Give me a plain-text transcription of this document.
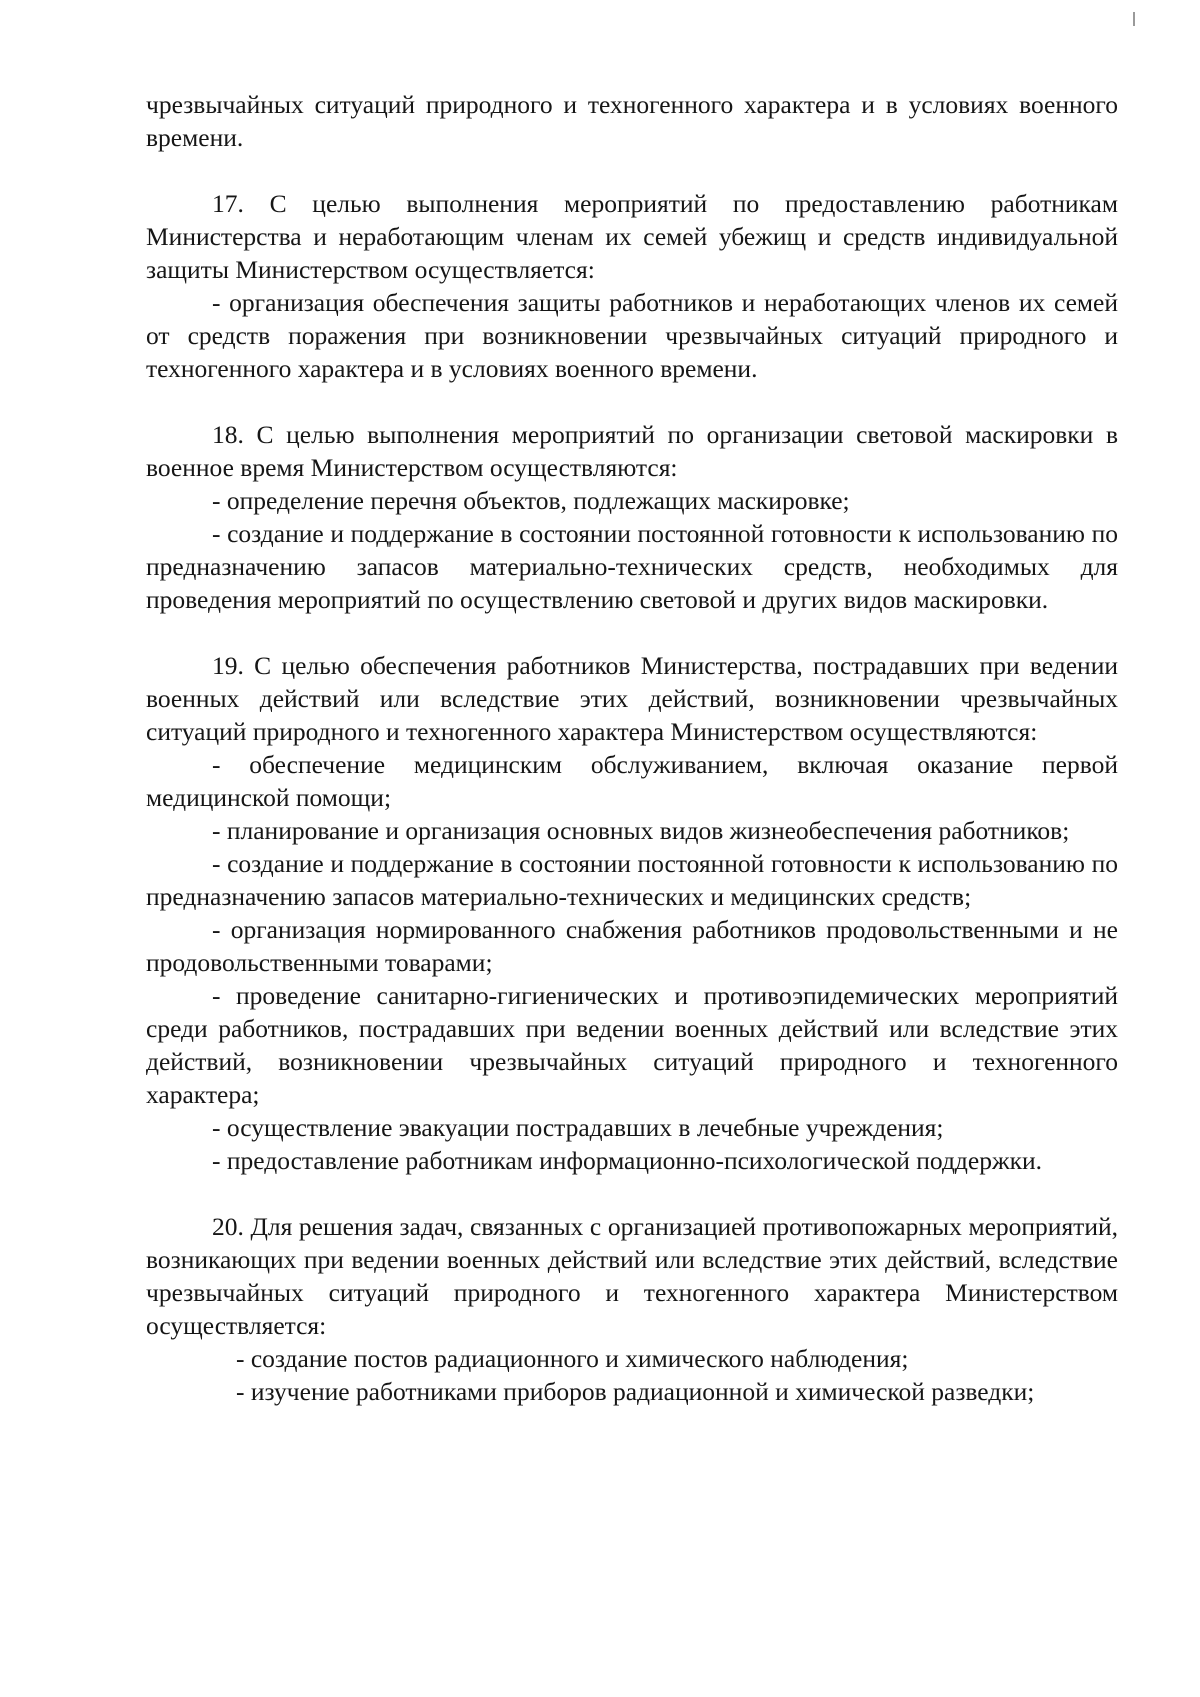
чрезвычайных ситуаций природного и техногенного характера и в условиях военного времени.

17. С целью выполнения мероприятий по предоставлению работникам Министерства и неработающим членам их семей убежищ и средств индивидуальной защиты Министерством осуществляется:

- организация обеспечения защиты работников и неработающих членов их семей от средств поражения при возникновении чрезвычайных ситуаций природного и техногенного характера и в условиях военного времени.

18. С целью выполнения мероприятий по организации световой маскировки в военное время Министерством осуществляются:

- определение перечня объектов, подлежащих маскировке;

- создание и поддержание в состоянии постоянной готовности к использованию по предназначению запасов материально-технических средств, необходимых для проведения мероприятий по осуществлению световой и других видов маскировки.

19. С целью обеспечения работников Министерства, пострадавших при ведении военных действий или вследствие этих действий, возникновении чрезвычайных ситуаций природного и техногенного характера Министерством осуществляются:

- обеспечение медицинским обслуживанием, включая оказание первой медицинской помощи;

- планирование и организация основных видов жизнеобеспечения работников;

- создание и поддержание в состоянии постоянной готовности к использованию по предназначению запасов материально-технических и медицинских средств;

- организация нормированного снабжения работников продовольственными и не продовольственными товарами;

- проведение санитарно-гигиенических и противоэпидемических мероприятий среди работников, пострадавших при ведении военных действий или вследствие этих действий, возникновении чрезвычайных ситуаций природного и техногенного характера;

- осуществление эвакуации пострадавших в лечебные учреждения;

- предоставление работникам информационно-психологической поддержки.

20. Для решения задач, связанных с организацией противопожарных мероприятий, возникающих при ведении военных действий или вследствие этих действий, вследствие чрезвычайных ситуаций природного и техногенного характера Министерством осуществляется:

- создание постов радиационного и химического наблюдения;

- изучение работниками приборов радиационной и химической разведки;
